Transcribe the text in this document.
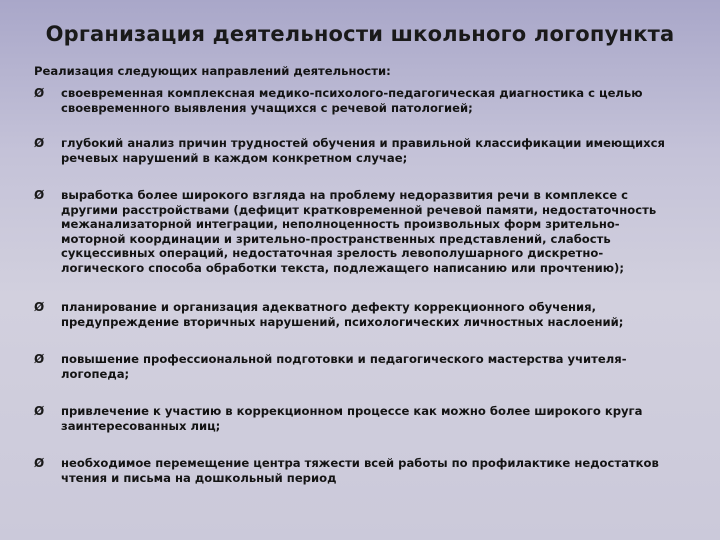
Организация деятельности школьного логопункта
Реализация следующих направлений деятельности:
Ø	своевременная комплексная медико-психолого-педагогическая диагностика с целью
своевременного выявления учащихся с речевой патологией;
Ø	глубокий анализ причин трудностей обучения и правильной классификации имеющихся
речевых нарушений в каждом конкретном случае;
Ø	выработка более широкого взгляда на проблему недоразвития речи в комплексе с
другими расстройствами (дефицит кратковременной речевой памяти, недостаточность
межанализаторной интеграции, неполноценность произвольных форм зрительно-
моторной координации и зрительно-пространственных представлений, слабость
сукцессивных операций, недостаточная зрелость левополушарного дискретно-
логического способа обработки текста, подлежащего написанию или прочтению);
Ø	планирование и организация адекватного дефекту коррекционного обучения,
предупреждение вторичных нарушений, психологических личностных наслоений;
Ø	повышение профессиональной подготовки и педагогического мастерства учителя-
логопеда;
Ø	привлечение к участию в коррекционном процессе как можно более широкого круга
заинтересованных лиц;
Ø	необходимое перемещение центра тяжести всей работы по профилактике недостатков
чтения и письма на дошкольный период
